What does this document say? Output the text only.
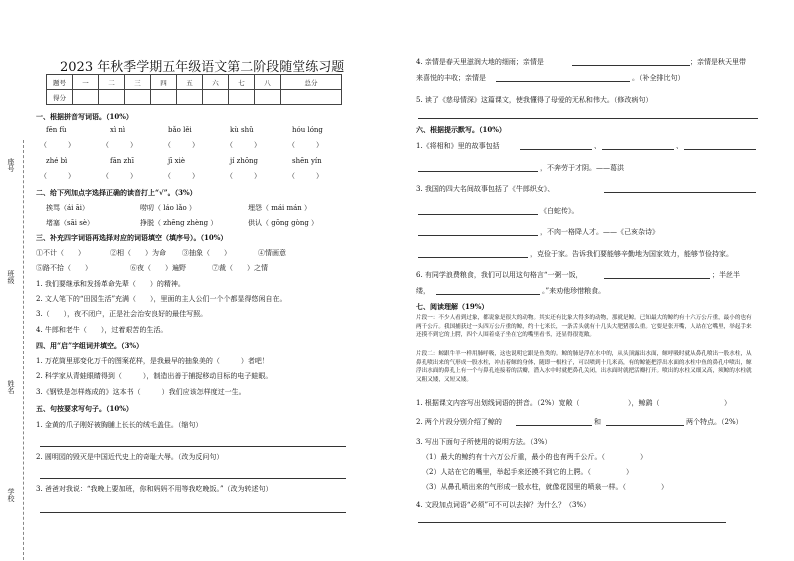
2023 年秋季学期五年级语文第二阶段随堂练习题
题号	一	二	三	四	五	六	七	八	总分
得分									
座号
班级
姓名
学校
一、根据拼音写词语。（10%）
fēn fù	xì nì	bǎo lěi	kù shǔ	hóu lóng
（　　　）	（　　　）	（　　　）	（　　　）	（　　　）
zhé bì	fān zhī	jī xiè	jí zhōng	shēn yín
（　　　）	（　　　）	（　　　）	（　　　）	（　　　）
二、给下列加点字选择正确的读音打上“√”。（3%）
挨骂（ái āi）	唠叨（ láo lǎo ）	埋怨（ mái mán ）
堵塞（sāi sè）	挣脱（ zhēng zhèng ）	供认（ gōng gòng ）
三、补充四字词语再选择对应的词语填空（填序号）。（10%）
①不计（　　）	②相（　　）为命 ③抽象（　　）	④情画意
⑤路不拾（　　）	⑥夜（　　）遍野	⑦裁（　　）之情
1. 我们要继承和发扬革命先辈（　　）的精神。
2. 文人笔下的“田园生活”充满（　　），里面的主人公们一个个都显得悠闲自在。
3.（　　），夜不闭户，正是社会治安良好的最佳写照。
4. 牛郎和老牛（　　），过着艰苦的生活。
四、用“启”字组词并填空。（3%）
1. 万花筒里那变化万千的图案花样，是我最早的抽象美的（　　　）者吧！
2. 科学家从青蛙眼睛得到（　　　），制造出善于捕捉移动目标的电子蛙眼。
3.《钢铁是怎样炼成的》这本书（　　　）我们应该怎样度过一生。
五、句按要求写句子。（10%）
1. 金黄的爪子刚好被胸脯上长长的绒毛盖住。（缩句）
2. 圆明园的毁灭是中国近代史上的奇耻大辱。（改为反问句）
3. 爸爸对我说：“我晚上要加班，你和妈妈不用等我吃晚饭。”（改为转述句）
4. 亲情是春天里滋润大地的细雨；亲情是	；亲情是秋天里带
来喜悦的丰收；亲情是	。（补全排比句）
5. 读了《慈母情深》这篇课文，使我懂得了母爱的无私和伟大。（修改病句）
六、根据提示默写。（10%）
1.《将相和》里的故事包括	、	、
，不奔劳于才阴。——葛洪
3. 我国的四大名间故事包括了《牛郎织女》、
《白蛇传》。
，不肉一格降人才。——《己亥杂诗》
，克俭于家。告诉我们要能够辛勤地为国家效力，能够节俭持家。
6. 有同学浪费粮食，我们可以用这句格言“一粥一饭，	；半丝半
缕，	。”来劝他珍惜粮食。
七、阅读理解（19%）
片段一：不少人看到过象，都说象是很大的动物。其实还有比象大得多的动物，那就是鲸。已知最大的鲸约有十六万公斤重，最小的也有两千公斤。我国捕获过一头四万公斤重的鲸，约十七米长，一条舌头就有十几头大肥猪那么重。它要是张开嘴，人站在它嘴里，举起手来还摸不到它的上腭，四个人围着桌子坐在它的嘴里看书，还显得很宽敞。
片段二：鲸跟牛羊一样用肺呼吸，这也说明它跟是鱼类的。鲸的肺是浮在水中的，从头顶露出水面，鲸呼吸时就从鼻孔喷出一股水柱，从鼻孔喷出来的气形成一股水柱，冲击着鲸的身体，随即一根柱子，可以喷到十几米高，有的鲸能把浮出水面的水柱中鱼的鼻孔中喷出，鲸浮出水面的鼻孔上有一个与鼻孔连接着的活瓣，潜入水中时就把鼻孔关闭，出水面时就把活瓣打开。喷出的水柱又细又高，须鲸的水柱就又粗又矮，又短又矮。
1. 根据课文内容写出划线词语的拼音。（2%）宽敞（	），鲸鹞（	）
2. 两个片段分别介绍了鲸的	和	两个特点。（2%）
3. 写出下面句子所使用的说明方法。（3%）
（1）最大的鲸约有十六万公斤重，最小的也有两千公斤。（　　　　　）
（2）人站在它的嘴里，举起手来还摸不到它的上腭。（　　　　　）
（3）从鼻孔喷出来的气形成一股水柱，就像花园里的喷泉一样。（　　　　　）
4. 文段加点词语“必须”可不可以去掉？为什么？（3%）
